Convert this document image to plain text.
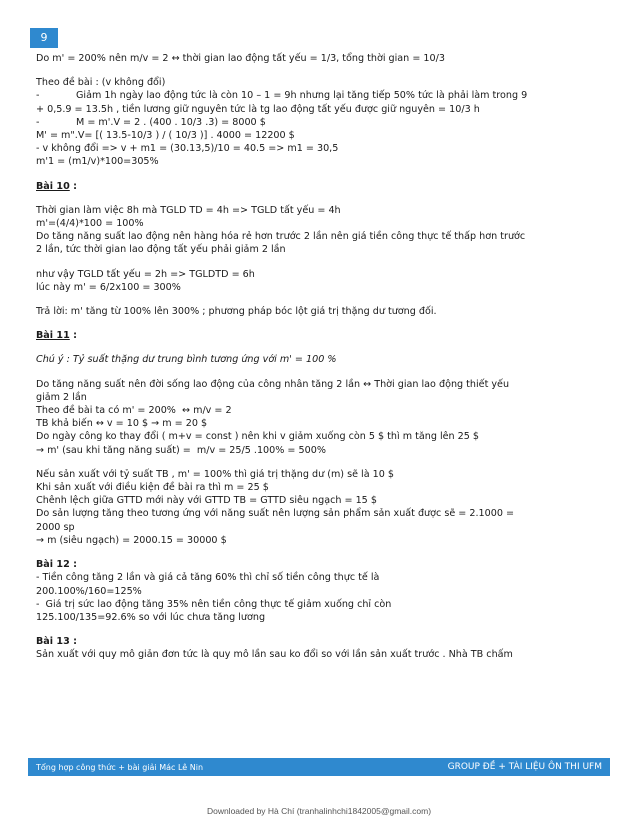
9

Do m' = 200% nên m/v = 2 ↔ thời gian lao động tất yếu = 1/3, tổng thời gian = 10/3

Theo đề bài : (v không đổi)

-	Giảm 1h ngày lao động tức là còn 10 – 1 = 9h nhưng lại tăng tiếp 50% tức là phải làm trong 9

+ 0,5.9 = 13.5h , tiền lương giữ nguyên tức là tg lao động tất yếu được giữ nguyên = 10/3 h

-	M = m'.V = 2 . (400 . 10/3 .3) = 8000 $

M' = m".V= [( 13.5-10/3 ) / ( 10/3 )] . 4000 = 12200 $

- v không đổi => v + m1 = (30.13,5)/10 = 40.5 => m1 = 30,5

m'1 = (m1/v)*100=305%

Bài 10 :

Thời gian làm việc 8h mà TGLD TD = 4h => TGLD tất yếu = 4h

m'=(4/4)*100 = 100%

Do tăng năng suất lao động nên hàng hóa rẻ hơn trước 2 lần nên giá tiền công thực tế thấp hơn trước

2 lần, tức thời gian lao động tất yếu phải giảm 2 lần

như vậy TGLD tất yếu = 2h => TGLDTD = 6h

lúc này m' = 6/2x100 = 300%

Trả lời: m' tăng từ 100% lên 300% ; phương pháp bóc lột giá trị thặng dư tương đối.

Bài 11 :

Chú ý : Tỷ suất thặng dư trung bình tương ứng với m' = 100 %

Do tăng năng suất nên đời sống lao động của công nhân tăng 2 lần ↔ Thời gian lao động thiết yếu

giảm 2 lần

Theo đề bài ta có m' = 200%  ↔ m/v = 2

TB khả biến ↔ v = 10 $ → m = 20 $

Do ngày công ko thay đổi ( m+v = const ) nên khi v giảm xuống còn 5 $ thì m tăng lên 25 $

→ m' (sau khi tăng năng suất) =  m/v = 25/5 .100% = 500%

Nếu sản xuất với tỷ suất TB , m' = 100% thì giá trị thặng dư (m) sẽ là 10 $

Khi sản xuất với điều kiện đề bài ra thì m = 25 $

Chênh lệch giữa GTTD mới này với GTTD TB = GTTD siêu ngạch = 15 $

Do sản lượng tăng theo tương ứng với năng suất nên lượng sản phẩm sản xuất được sẽ = 2.1000 =

2000 sp

→ m (siêu ngạch) = 2000.15 = 30000 $

Bài 12 :

- Tiền công tăng 2 lần và giá cả tăng 60% thì chỉ số tiền công thực tế là

200.100%/160=125%

-  Giá trị sức lao động tăng 35% nên tiền công thực tế giảm xuống chỉ còn

125.100/135=92.6% so với lúc chưa tăng lương

Bài 13 :

Sản xuất với quy mô giản đơn tức là quy mô lần sau ko đổi so với lần sản xuất trước . Nhà TB chấm

Tổng hợp công thức + bài giải Mác Lê Nin	GROUP ĐỀ + TÀI LIỆU ÔN THI UFM
Downloaded by Hà Chí (tranhalinhchi1842005@gmail.com)
